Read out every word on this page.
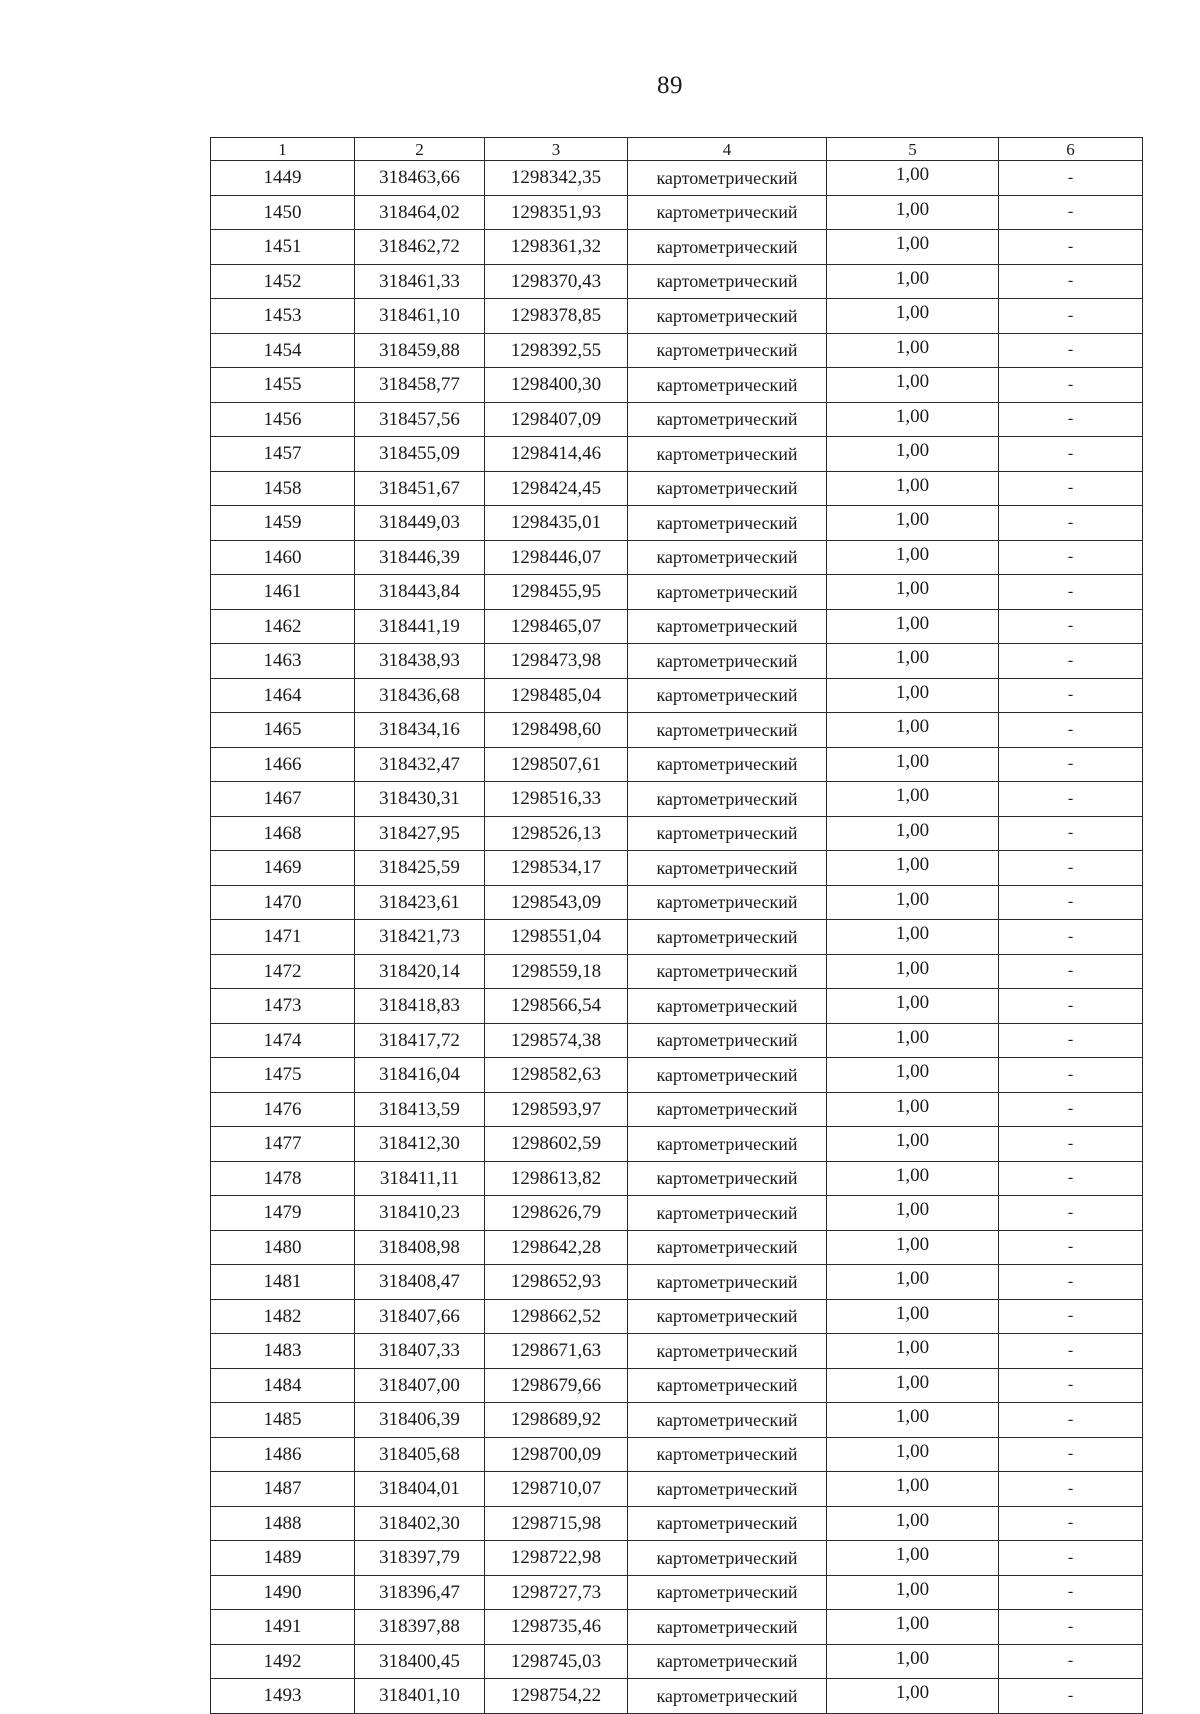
89
1	2	3	4	5	6
1449	318463,66	1298342,35	картометрический	1,00	-
1450	318464,02	1298351,93	картометрический	1,00	-
1451	318462,72	1298361,32	картометрический	1,00	-
1452	318461,33	1298370,43	картометрический	1,00	-
1453	318461,10	1298378,85	картометрический	1,00	-
1454	318459,88	1298392,55	картометрический	1,00	-
1455	318458,77	1298400,30	картометрический	1,00	-
1456	318457,56	1298407,09	картометрический	1,00	-
1457	318455,09	1298414,46	картометрический	1,00	-
1458	318451,67	1298424,45	картометрический	1,00	-
1459	318449,03	1298435,01	картометрический	1,00	-
1460	318446,39	1298446,07	картометрический	1,00	-
1461	318443,84	1298455,95	картометрический	1,00	-
1462	318441,19	1298465,07	картометрический	1,00	-
1463	318438,93	1298473,98	картометрический	1,00	-
1464	318436,68	1298485,04	картометрический	1,00	-
1465	318434,16	1298498,60	картометрический	1,00	-
1466	318432,47	1298507,61	картометрический	1,00	-
1467	318430,31	1298516,33	картометрический	1,00	-
1468	318427,95	1298526,13	картометрический	1,00	-
1469	318425,59	1298534,17	картометрический	1,00	-
1470	318423,61	1298543,09	картометрический	1,00	-
1471	318421,73	1298551,04	картометрический	1,00	-
1472	318420,14	1298559,18	картометрический	1,00	-
1473	318418,83	1298566,54	картометрический	1,00	-
1474	318417,72	1298574,38	картометрический	1,00	-
1475	318416,04	1298582,63	картометрический	1,00	-
1476	318413,59	1298593,97	картометрический	1,00	-
1477	318412,30	1298602,59	картометрический	1,00	-
1478	318411,11	1298613,82	картометрический	1,00	-
1479	318410,23	1298626,79	картометрический	1,00	-
1480	318408,98	1298642,28	картометрический	1,00	-
1481	318408,47	1298652,93	картометрический	1,00	-
1482	318407,66	1298662,52	картометрический	1,00	-
1483	318407,33	1298671,63	картометрический	1,00	-
1484	318407,00	1298679,66	картометрический	1,00	-
1485	318406,39	1298689,92	картометрический	1,00	-
1486	318405,68	1298700,09	картометрический	1,00	-
1487	318404,01	1298710,07	картометрический	1,00	-
1488	318402,30	1298715,98	картометрический	1,00	-
1489	318397,79	1298722,98	картометрический	1,00	-
1490	318396,47	1298727,73	картометрический	1,00	-
1491	318397,88	1298735,46	картометрический	1,00	-
1492	318400,45	1298745,03	картометрический	1,00	-
1493	318401,10	1298754,22	картометрический	1,00	-
